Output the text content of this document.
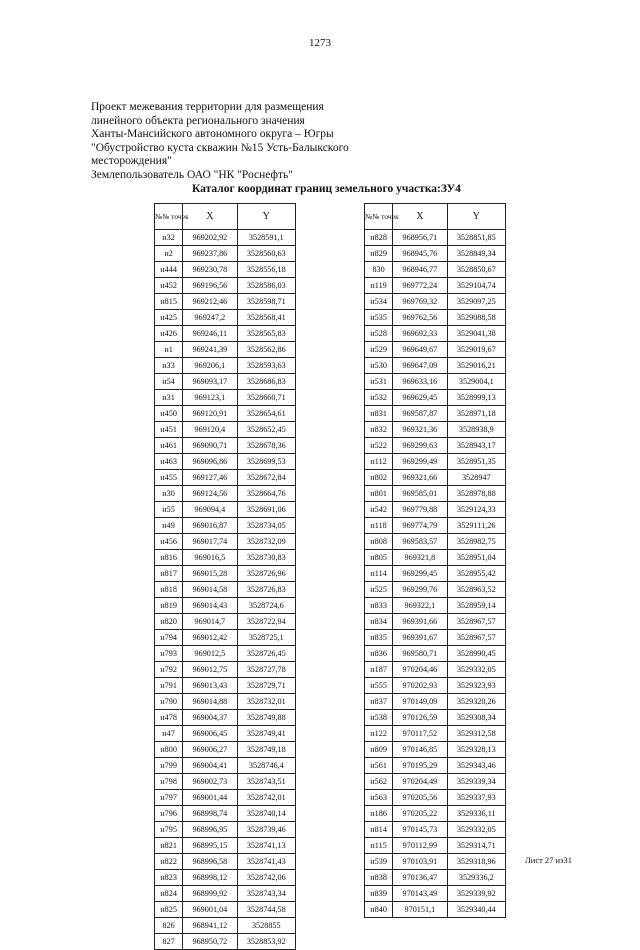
1273
Проект межевания территории для размещения
линейного объекта регионального значения
Ханты-Мансийского автономного округа – Югры
"Обустройство куста скважин №15 Усть-Балыкского
месторождения"
Землепользователь ОАО "НК "Роснефть"
Каталог координат границ земельного участка:ЗУ4
№№ точек	X	Y
н32	969202,92	3528591,1
н2	969237,86	3528560,63
н444	969230,78	3528556,18
н452	969196,56	3528586,03
н815	969212,46	3528598,71
н425	969247,2	3528568,41
н426	969246,11	3528565,83
н1	969241,39	3528562,86
н33	969206,1	3528593,63
н54	969093,17	3528686,83
н31	969123,1	3528660,71
н450	969120,91	3528654,61
н451	969120,4	3528652,45
н461	969090,71	3528678,36
н463	969096,86	3528699,53
н455	969127,46	3528672,84
н30	969124,56	3528664,76
н55	969094,4	3528691,06
н49	969016,87	3528734,05
н456	969017,74	3528732,09
н816	969016,5	3528730,83
н817	969015,28	3528726,96
н818	969014,58	3528726,83
н819	969014,43	3528724,6
н820	969014,7	3528722,94
н794	969012,42	3528725,1
н793	969012,5	3528726,45
н792	969012,75	3528727,78
н791	969013,43	3528729,71
н790	969014,88	3528732,01
н478	969004,37	3528749,88
н47	969006,45	3528749,41
н800	969006,27	3528749,18
н799	969004,41	3528746,4
н798	969002,73	3528743,51
н797	969001,44	3528742,01
н796	968998,74	3528740,14
н795	968996,95	3528739,46
н821	968995,15	3528741,13
н822	968996,58	3528741,43
н823	968998,12	3528742,06
н824	968999,92	3528743,34
н825	969001,04	3528744,58
826	968941,12	3528855
827	968950,72	3528853,92
№№ точек	X	Y
н828	968956,71	3528851,85
н829	968945,76	3528849,34
830	968946,77	3528850,67
н119	969772,24	3529104,74
н534	969769,32	3529097,25
н535	969762,56	3529088,58
н528	969692,33	3529041,38
н529	969649,67	3529019,67
н530	969647,09	3529016,21
н531	969633,16	3529004,1
н532	969629,45	3528999,13
н831	969587,87	3528971,18
н832	969321,36	3528938,9
н522	969299,63	3528943,17
н112	969299,49	3528951,35
н802	969321,66	3528947
н801	969585,01	3528978,88
н542	969779,88	3529124,33
н118	969774,79	3529111,26
н808	969583,57	3528982,75
н805	969321,8	3528951,04
н114	969299,45	3528955,42
н525	969299,76	3528963,52
н833	969322,1	3528959,14
н834	969391,66	3528967,57
н835	969391,67	3528967,57
н836	969580,71	3528990,45
н187	970204,46	3529332,05
н555	970202,93	3529323,93
н837	970149,09	3529320,26
н538	970126,59	3529308,34
н122	970117,52	3529312,58
н809	970146,85	3529328,13
н561	970195,29	3529343,46
н562	970204,49	3529339,34
н563	970205,56	3529337,93
н186	970205,22	3529336,11
н814	970145,73	3529332,05
н115	970112,99	3529314,71
н539	970103,91	3529318,96
н838	970136,47	3529336,2
н839	970143,49	3529339,92
н840	970151,1	3529340,44
Лист 27 из31
